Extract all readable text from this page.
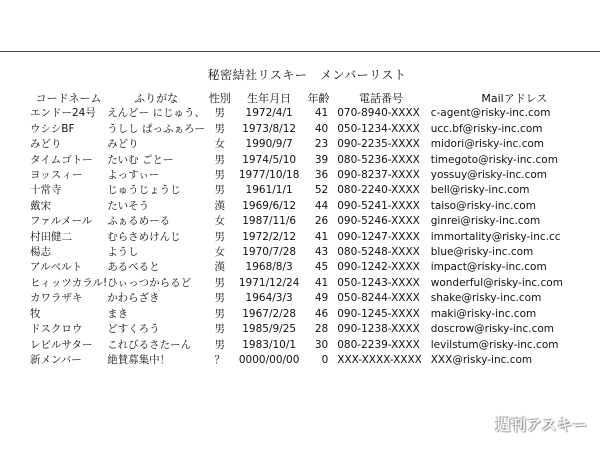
秘密結社リスキー　メンバーリスト
コードネーム	ふりがな	性別	生年月日	年齢	電話番号	Mailアドレス
エンドー24号	えんどー にじゅう、	男	1972/4/1	41	070-8940-XXXX	c-agent@risky-inc.com
ウシシBF	うしし ぱっふぁろー	男	1973/8/12	40	050-1234-XXXX	ucc.bf@risky-inc.com
みどり	みどり	女	1990/9/7	23	090-2235-XXXX	midori@risky-inc.com
タイムゴトー	たいむ ごとー	男	1974/5/10	39	080-5236-XXXX	timegoto@risky-inc.com
ヨッスィー	よっすぃー	男	1977/10/18	36	090-8237-XXXX	yossuy@risky-inc.com
十常寺	じゅうじょうじ	男	1961/1/1	52	080-2240-XXXX	bell@risky-inc.com
戴宋	たいそう	漢	1969/6/12	44	090-5241-XXXX	taiso@risky-inc.com
ファルメール	ふぁるめーる	女	1987/11/6	26	090-5246-XXXX	ginrei@risky-inc.com
村田健二	むらさめけんじ	男	1972/2/12	41	090-1247-XXXX	immortality@risky-inc.cc
楊志	ようし	女	1970/7/28	43	080-5248-XXXX	blue@risky-inc.com
アルベルト	あるべると	漢	1968/8/3	45	090-1242-XXXX	impact@risky-inc.com
ヒィッツカラル!	ひぃっつからるど	男	1971/12/24	41	050-1243-XXXX	wonderful@risky-inc.com
カワラザキ	かわらざき	男	1964/3/3	49	050-8244-XXXX	shake@risky-inc.com
牧	まき	男	1967/2/28	46	090-1245-XXXX	maki@risky-inc.com
ドスクロウ	どすくろう	男	1985/9/25	28	090-1238-XXXX	doscrow@risky-inc.com
レビルサター	これびるさたーん	男	1983/10/1	30	080-2239-XXXX	levilstum@risky-inc.com
新メンバー	絶賛募集中！	？	0000/00/00	0	XXX-XXXX-XXXX	XXX@risky-inc.com
週刊アスキー
